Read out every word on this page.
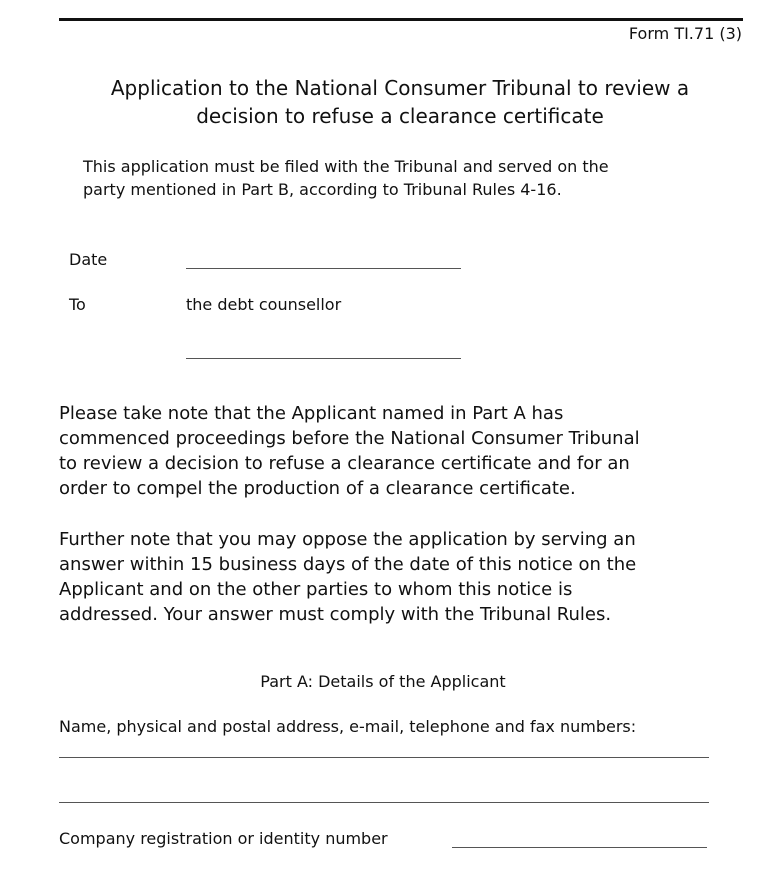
Form TI.71 (3)
Application to the National Consumer Tribunal to review a
decision to refuse a clearance certificate
This application must be filed with the Tribunal and served on the
party mentioned in Part B, according to Tribunal Rules 4-16.
Date
To	the debt counsellor
Please take note that the Applicant named in Part A has
commenced proceedings before the National Consumer Tribunal
to review a decision to refuse a clearance certificate and for an
order to compel the production of a clearance certificate.
Further note that you may oppose the application by serving an
answer within 15 business days of the date of this notice on the
Applicant and on the other parties to whom this notice is
addressed. Your answer must comply with the Tribunal Rules.
Part A: Details of the Applicant
Name, physical and postal address, e-mail, telephone and fax numbers:
Company registration or identity number
